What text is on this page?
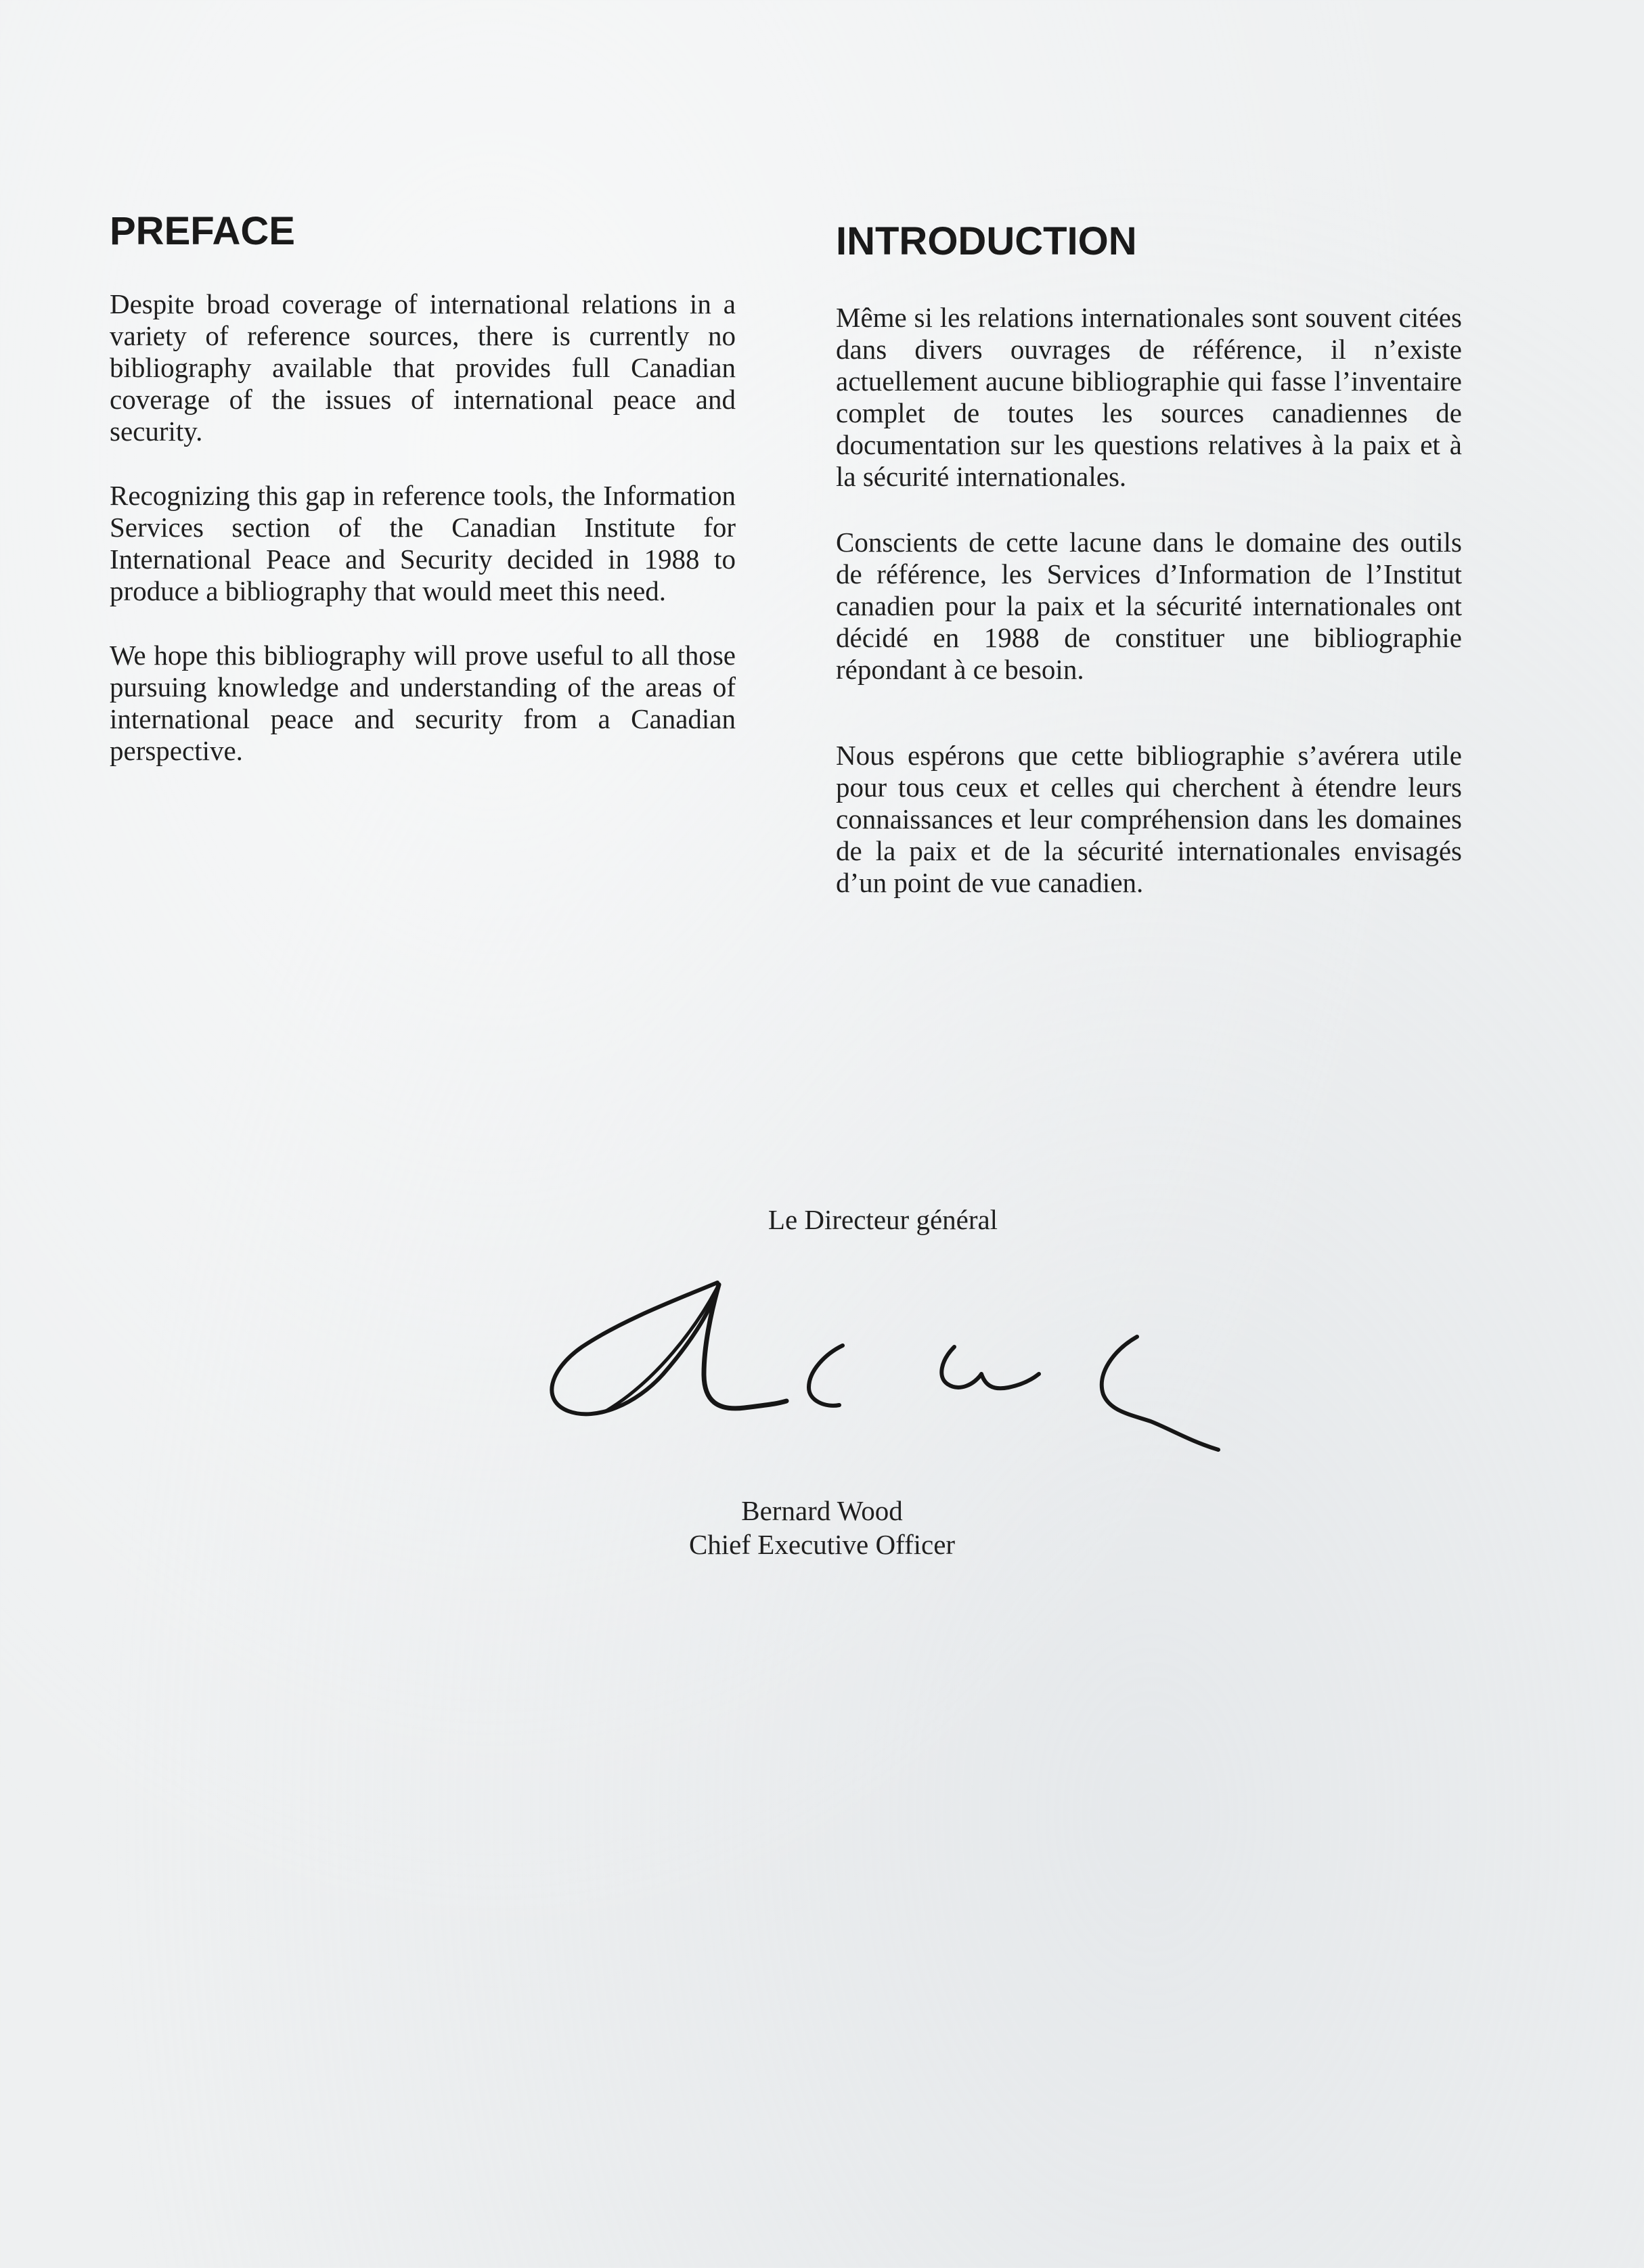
PREFACE

Despite broad coverage of international relations in a variety of reference sources, there is currently no bibliography available that provides full Canadian coverage of the issues of international peace and security.

Recognizing this gap in reference tools, the Information Services section of the Canadian Institute for International Peace and Security decided in 1988 to produce a bibliography that would meet this need.

We hope this bibliography will prove useful to all those pursuing knowledge and understanding of the areas of international peace and security from a Canadian perspective.

INTRODUCTION

Même si les relations internationales sont souvent citées dans divers ouvrages de référence, il n’existe actuellement aucune bibliographie qui fasse l’inventaire complet de toutes les sources canadiennes de documentation sur les questions relatives à la paix et à la sécurité internationales.

Conscients de cette lacune dans le domaine des outils de référence, les Services d’Information de l’Institut canadien pour la paix et la sécurité internationales ont décidé en 1988 de constituer une bibliographie répondant à ce besoin.

Nous espérons que cette bibliographie s’avérera utile pour tous ceux et celles qui cherchent à étendre leurs connaissances et leur compréhension dans les domaines de la paix et de la sécurité internationales envisagés d’un point de vue canadien.

Le Directeur général
Bernard Wood
Chief Executive Officer
